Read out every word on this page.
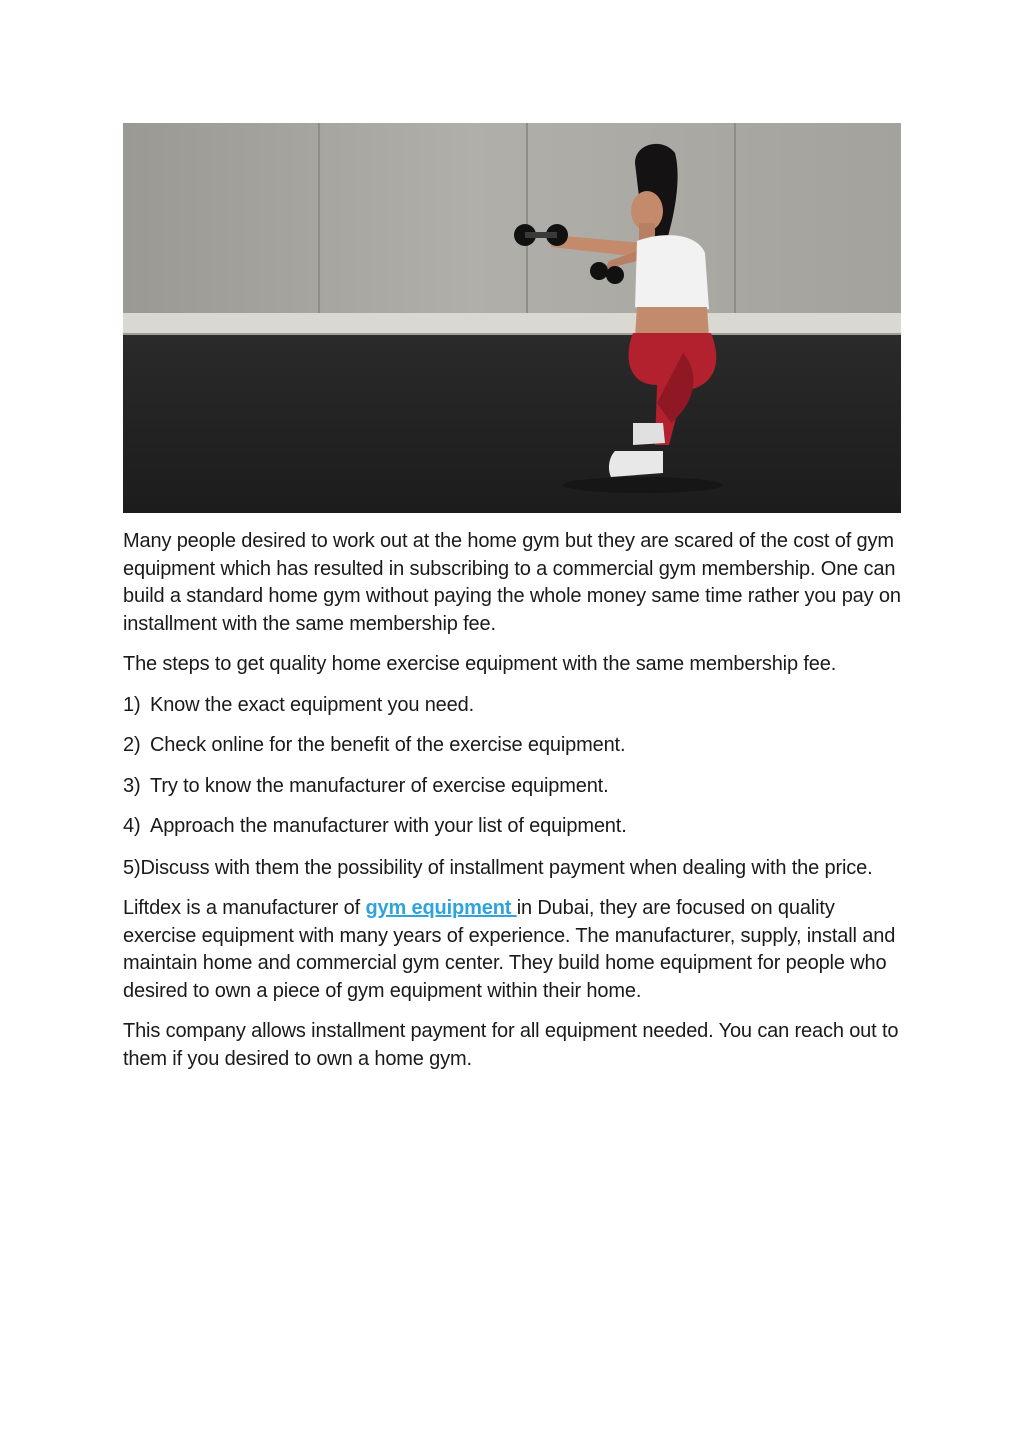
Many people desired to work out at the home gym but they are scared of the cost of gym equipment which has resulted in subscribing to a commercial gym membership. One can build a standard home gym without paying the whole money same time rather you pay on installment with the same membership fee.

The steps to get quality home exercise equipment with the same membership fee.

1) Know the exact equipment you need.
2) Check online for the benefit of the exercise equipment.
3) Try to know the manufacturer of exercise equipment.
4) Approach the manufacturer with your list of equipment.

5)Discuss with them the possibility of installment payment when dealing with the price.

Liftdex is a manufacturer of gym equipment in Dubai, they are focused on quality exercise equipment with many years of experience. The manufacturer, supply, install and maintain home and commercial gym center. They build home equipment for people who desired to own a piece of gym equipment within their home.

This company allows installment payment for all equipment needed. You can reach out to them if you desired to own a home gym.
